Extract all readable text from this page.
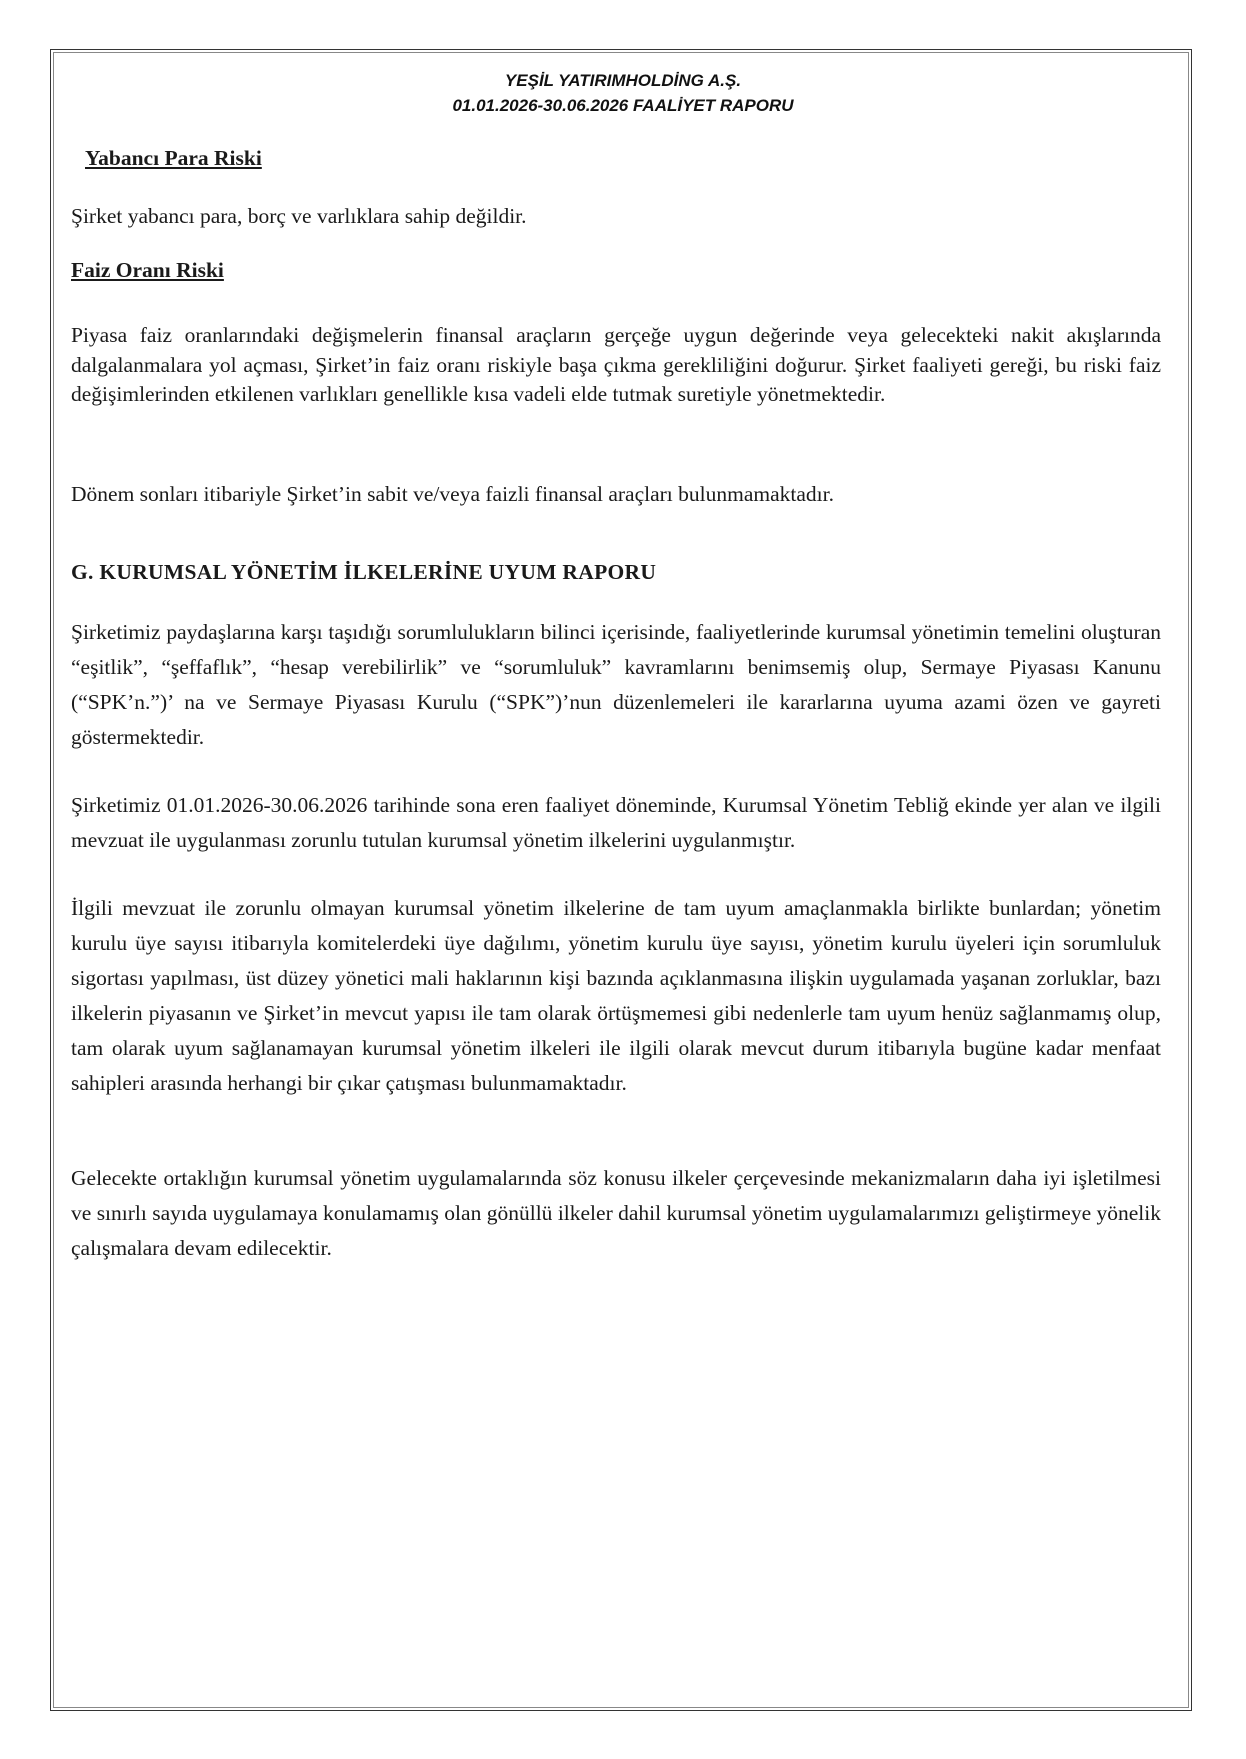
YEŞİL YATIRIMHOLDİNG A.Ş.
01.01.2026-30.06.2026 FAALİYET RAPORU
Yabancı Para Riski

Şirket yabancı para, borç ve varlıklara sahip değildir.

Faiz Oranı Riski

Piyasa faiz oranlarındaki değişmelerin finansal araçların gerçeğe uygun değerinde veya gelecekteki nakit akışlarında dalgalanmalara yol açması, Şirket’in faiz oranı riskiyle başa çıkma gerekliliğini doğurur. Şirket faaliyeti gereği, bu riski faiz değişimlerinden etkilenen varlıkları genellikle kısa vadeli elde tutmak suretiyle yönetmektedir.

Dönem sonları itibariyle Şirket’in sabit ve/veya faizli finansal araçları bulunmamaktadır.

G. KURUMSAL YÖNETİM İLKELERİNE UYUM RAPORU

Şirketimiz paydaşlarına karşı taşıdığı sorumlulukların bilinci içerisinde, faaliyetlerinde kurumsal yönetimin temelini oluşturan “eşitlik”, “şeffaflık”, “hesap verebilirlik” ve “sorumluluk” kavramlarını benimsemiş olup, Sermaye Piyasası Kanunu (“SPK’n.”)’ na ve Sermaye Piyasası Kurulu (“SPK”)’nun düzenlemeleri ile kararlarına uyuma azami özen ve gayreti göstermektedir.

Şirketimiz 01.01.2026-30.06.2026 tarihinde sona eren faaliyet döneminde, Kurumsal Yönetim Tebliğ ekinde yer alan ve ilgili mevzuat ile uygulanması zorunlu tutulan kurumsal yönetim ilkelerini uygulanmıştır.

İlgili mevzuat ile zorunlu olmayan kurumsal yönetim ilkelerine de tam uyum amaçlanmakla birlikte bunlardan; yönetim kurulu üye sayısı itibarıyla komitelerdeki üye dağılımı, yönetim kurulu üye sayısı, yönetim kurulu üyeleri için sorumluluk sigortası yapılması, üst düzey yönetici mali haklarının kişi bazında açıklanmasına ilişkin uygulamada yaşanan zorluklar, bazı ilkelerin piyasanın ve Şirket’in mevcut yapısı ile tam olarak örtüşmemesi gibi nedenlerle tam uyum henüz sağlanmamış olup, tam olarak uyum sağlanamayan kurumsal yönetim ilkeleri ile ilgili olarak mevcut durum itibarıyla bugüne kadar menfaat sahipleri arasında herhangi bir çıkar çatışması bulunmamaktadır.

Gelecekte ortaklığın kurumsal yönetim uygulamalarında söz konusu ilkeler çerçevesinde mekanizmaların daha iyi işletilmesi ve sınırlı sayıda uygulamaya konulamamış olan gönüllü ilkeler dahil kurumsal yönetim uygulamalarımızı geliştirmeye yönelik çalışmalara devam edilecektir.
